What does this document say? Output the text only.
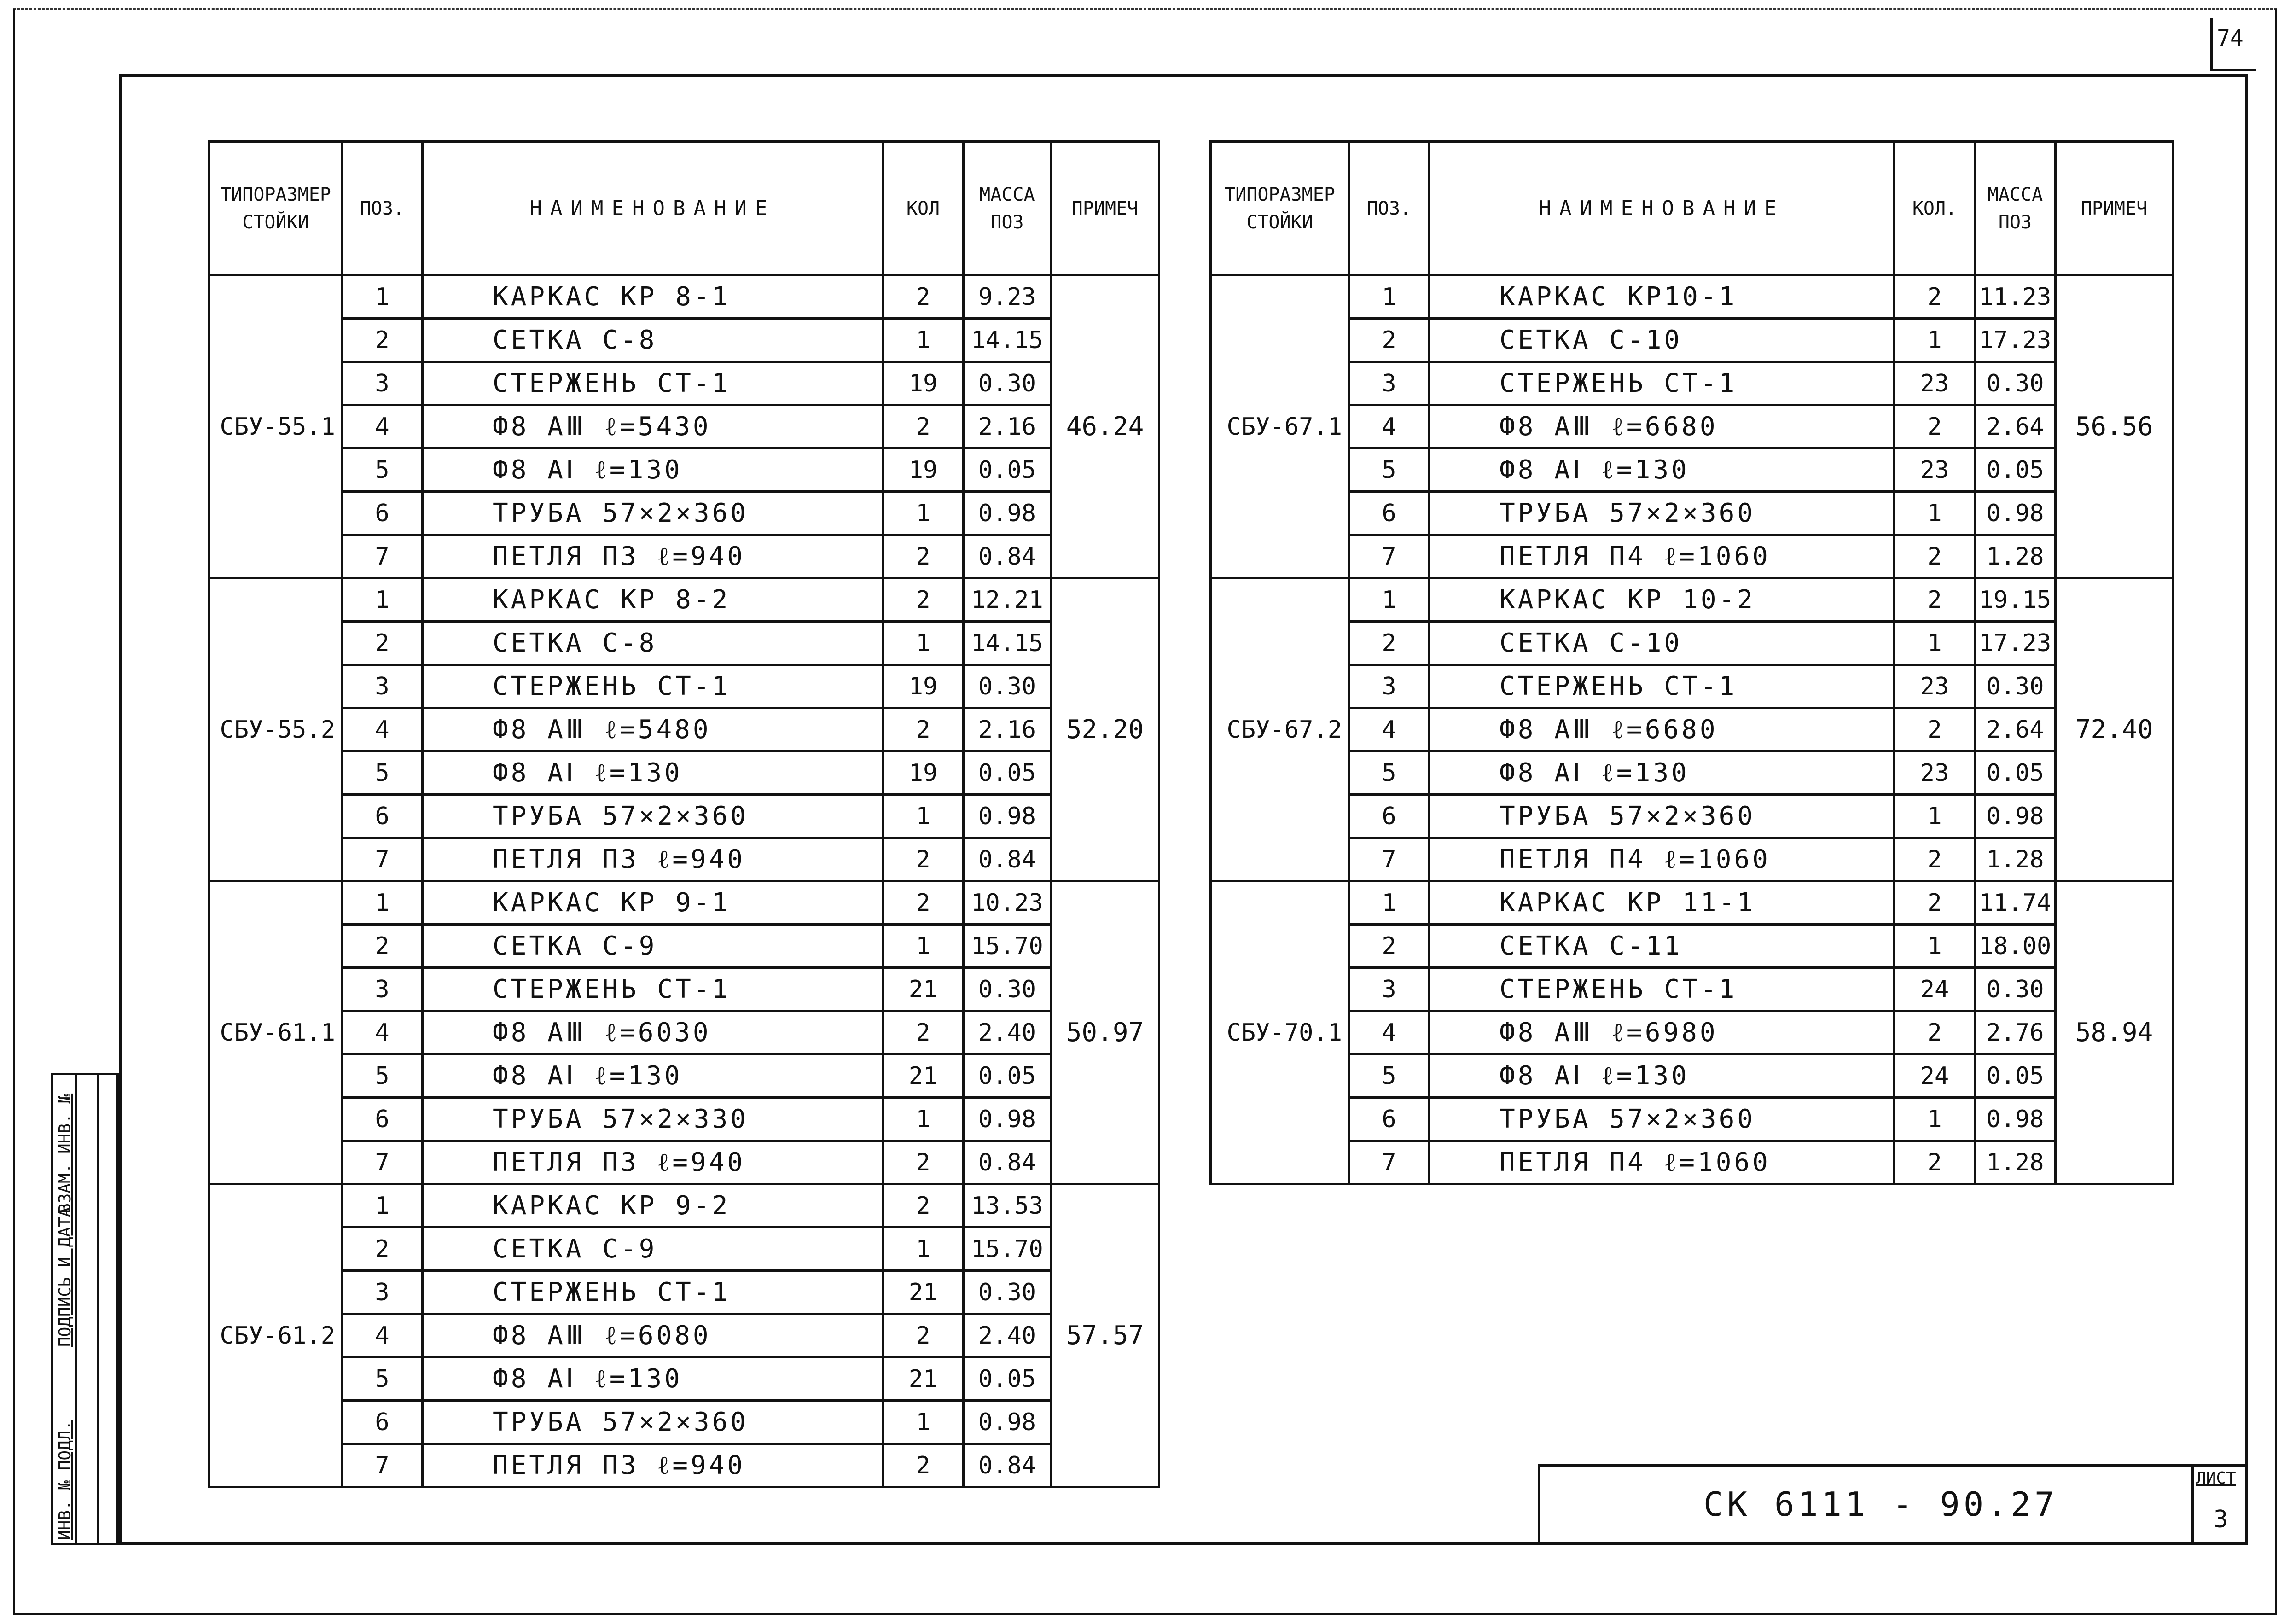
74
ТИПОРАЗМЕР СТОЙКИ	ПОЗ.	НАИМЕНОВАНИЕ	КОЛ	МАССА ПОЗ	ПРИМЕЧ
СБУ-55.1	1	КАРКАС КР 8-1	2	9.23	46.24
	2	СЕТКА С-8	1	14.15	
	3	СТЕРЖЕНЬ СТ-1	19	0.30	
	4	Ф8 АⅢ ℓ=5430	2	2.16	
	5	Ф8 АⅠ ℓ=130	19	0.05	
	6	ТРУБА 57×2×360	1	0.98	
	7	ПЕТЛЯ П3 ℓ=940	2	0.84	
СБУ-55.2	1	КАРКАС КР 8-2	2	12.21	52.20
	2	СЕТКА С-8	1	14.15	
	3	СТЕРЖЕНЬ СТ-1	19	0.30	
	4	Ф8 АⅢ ℓ=5480	2	2.16	
	5	Ф8 АⅠ ℓ=130	19	0.05	
	6	ТРУБА 57×2×360	1	0.98	
	7	ПЕТЛЯ П3 ℓ=940	2	0.84	
СБУ-61.1	1	КАРКАС КР 9-1	2	10.23	50.97
	2	СЕТКА С-9	1	15.70	
	3	СТЕРЖЕНЬ СТ-1	21	0.30	
	4	Ф8 АⅢ ℓ=6030	2	2.40	
	5	Ф8 АⅠ ℓ=130	21	0.05	
	6	ТРУБА 57×2×330	1	0.98	
	7	ПЕТЛЯ П3 ℓ=940	2	0.84	
СБУ-61.2	1	КАРКАС КР 9-2	2	13.53	57.57
	2	СЕТКА С-9	1	15.70	
	3	СТЕРЖЕНЬ СТ-1	21	0.30	
	4	Ф8 АⅢ ℓ=6080	2	2.40	
	5	Ф8 АⅠ ℓ=130	21	0.05	
	6	ТРУБА 57×2×360	1	0.98	
	7	ПЕТЛЯ П3 ℓ=940	2	0.84	
ТИПОРАЗМЕР СТОЙКИ	ПОЗ.	НАИМЕНОВАНИЕ	КОЛ.	МАССА ПОЗ	ПРИМЕЧ
СБУ-67.1	1	КАРКАС КР10-1	2	11.23	56.56
	2	СЕТКА С-10	1	17.23	
	3	СТЕРЖЕНЬ СТ-1	23	0.30	
	4	Ф8 АⅢ ℓ=6680	2	2.64	
	5	Ф8 АⅠ ℓ=130	23	0.05	
	6	ТРУБА 57×2×360	1	0.98	
	7	ПЕТЛЯ П4 ℓ=1060	2	1.28	
СБУ-67.2	1	КАРКАС КР 10-2	2	19.15	72.40
	2	СЕТКА С-10	1	17.23	
	3	СТЕРЖЕНЬ СТ-1	23	0.30	
	4	Ф8 АⅢ ℓ=6680	2	2.64	
	5	Ф8 АⅠ ℓ=130	23	0.05	
	6	ТРУБА 57×2×360	1	0.98	
	7	ПЕТЛЯ П4 ℓ=1060	2	1.28	
СБУ-70.1	1	КАРКАС КР 11-1	2	11.74	58.94
	2	СЕТКА С-11	1	18.00	
	3	СТЕРЖЕНЬ СТ-1	24	0.30	
	4	Ф8 АⅢ ℓ=6980	2	2.76	
	5	Ф8 АⅠ ℓ=130	24	0.05	
	6	ТРУБА 57×2×360	1	0.98	
	7	ПЕТЛЯ П4 ℓ=1060	2	1.28	
ИНВ. № ПОДЛ.
ПОДПИСЬ И ДАТА
ВЗАМ. ИНВ. №
СК 6111 - 90.27
ЛИСТ
3
